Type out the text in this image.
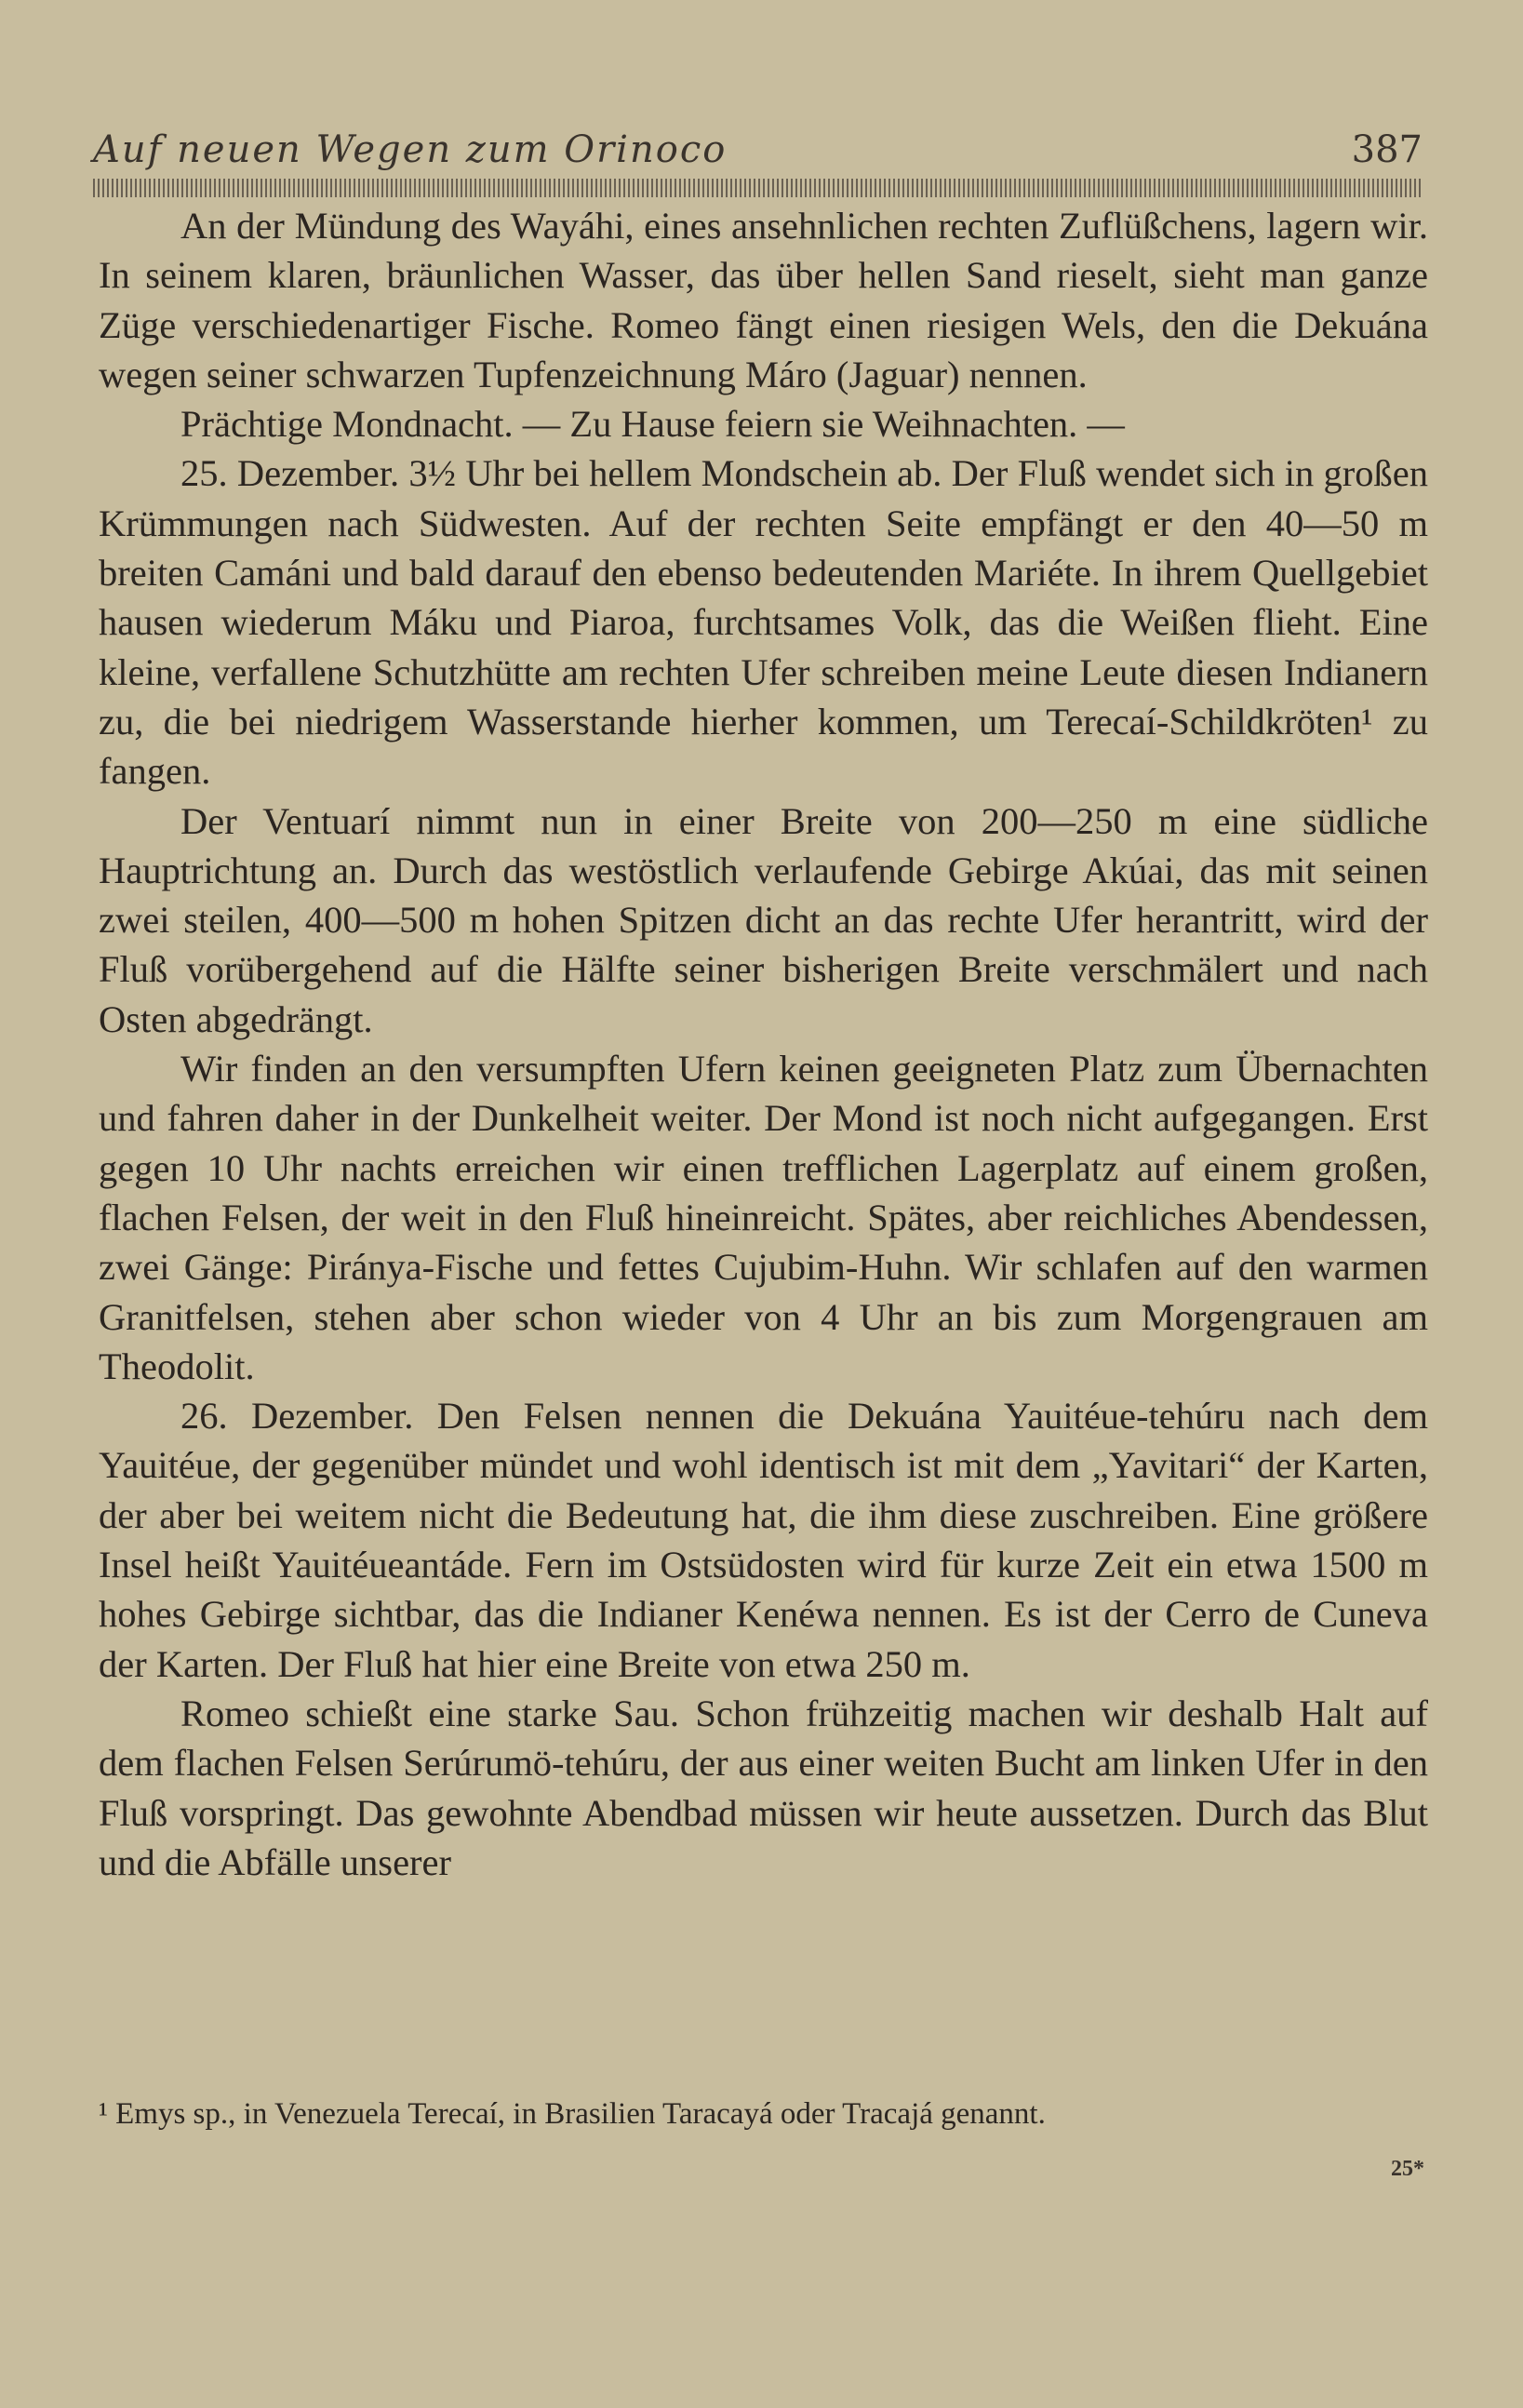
Auf neuen Wegen zum Orinoco	387

An der Mündung des Wayáhi, eines ansehnlichen rechten Zuflüßchens, lagern wir. In seinem klaren, bräunlichen Wasser, das über hellen Sand rieselt, sieht man ganze Züge verschiedenartiger Fische. Romeo fängt einen riesigen Wels, den die Dekuána wegen seiner schwarzen Tupfenzeichnung Máro (Jaguar) nennen.

Prächtige Mondnacht. — Zu Hause feiern sie Weihnachten. —

25. Dezember. 3½ Uhr bei hellem Mondschein ab. Der Fluß wendet sich in großen Krümmungen nach Südwesten. Auf der rechten Seite empfängt er den 40—50 m breiten Camáni und bald darauf den ebenso bedeutenden Mariéte. In ihrem Quellgebiet hausen wiederum Máku und Piaroa, furchtsames Volk, das die Weißen flieht. Eine kleine, verfallene Schutzhütte am rechten Ufer schreiben meine Leute diesen Indianern zu, die bei niedrigem Wasserstande hierher kommen, um Terecaí-Schildkröten¹ zu fangen.

Der Ventuarí nimmt nun in einer Breite von 200—250 m eine südliche Hauptrichtung an. Durch das westöstlich verlaufende Gebirge Akúai, das mit seinen zwei steilen, 400—500 m hohen Spitzen dicht an das rechte Ufer herantritt, wird der Fluß vorübergehend auf die Hälfte seiner bisherigen Breite verschmälert und nach Osten abgedrängt.

Wir finden an den versumpften Ufern keinen geeigneten Platz zum Übernachten und fahren daher in der Dunkelheit weiter. Der Mond ist noch nicht aufgegangen. Erst gegen 10 Uhr nachts erreichen wir einen trefflichen Lagerplatz auf einem großen, flachen Felsen, der weit in den Fluß hineinreicht. Spätes, aber reichliches Abendessen, zwei Gänge: Piránya-Fische und fettes Cujubim-Huhn. Wir schlafen auf den warmen Granitfelsen, stehen aber schon wieder von 4 Uhr an bis zum Morgengrauen am Theodolit.

26. Dezember. Den Felsen nennen die Dekuána Yauitéue-tehúru nach dem Yauitéue, der gegenüber mündet und wohl identisch ist mit dem „Yavitari“ der Karten, der aber bei weitem nicht die Bedeutung hat, die ihm diese zuschreiben. Eine größere Insel heißt Yauitéueantáde. Fern im Ostsüdosten wird für kurze Zeit ein etwa 1500 m hohes Gebirge sichtbar, das die Indianer Kenéwa nennen. Es ist der Cerro de Cuneva der Karten. Der Fluß hat hier eine Breite von etwa 250 m.

Romeo schießt eine starke Sau. Schon frühzeitig machen wir deshalb Halt auf dem flachen Felsen Serúrumö-tehúru, der aus einer weiten Bucht am linken Ufer in den Fluß vorspringt. Das gewohnte Abendbad müssen wir heute aussetzen. Durch das Blut und die Abfälle unserer

¹ Emys sp., in Venezuela Terecaí, in Brasilien Taracayá oder Tracajá genannt.
25*
